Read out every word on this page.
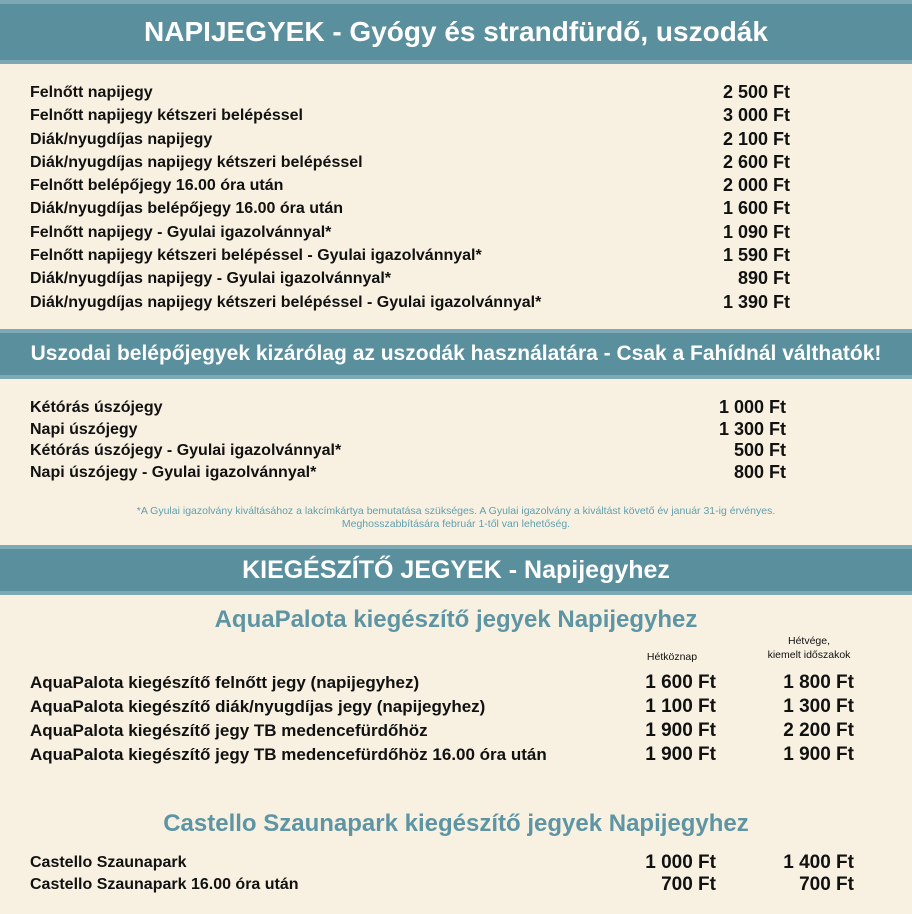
NAPIJEGYEK - Gyógy és strandfürdő, uszodák
Felnőtt napijegy	2 500 Ft
Felnőtt napijegy kétszeri belépéssel	3 000 Ft
Diák/nyugdíjas napijegy	2 100 Ft
Diák/nyugdíjas napijegy kétszeri belépéssel	2 600 Ft
Felnőtt belépőjegy 16.00 óra után	2 000 Ft
Diák/nyugdíjas belépőjegy 16.00 óra után	1 600 Ft
Felnőtt napijegy - Gyulai igazolvánnyal*	1 090 Ft
Felnőtt napijegy kétszeri belépéssel - Gyulai igazolvánnyal*	1 590 Ft
Diák/nyugdíjas napijegy - Gyulai igazolvánnyal*	890 Ft
Diák/nyugdíjas napijegy kétszeri belépéssel - Gyulai igazolvánnyal*	1 390 Ft
Uszodai belépőjegyek kizárólag az uszodák használatára - Csak a Fahídnál válthatók!
Kétórás úszójegy	1 000 Ft
Napi úszójegy	1 300 Ft
Kétórás úszójegy - Gyulai igazolvánnyal*	500 Ft
Napi úszójegy - Gyulai igazolvánnyal*	800 Ft
*A Gyulai igazolvány kiváltásához a lakcímkártya bemutatása szükséges. A Gyulai igazolvány a kiváltást követő év január 31-ig érvényes.
Meghosszabbítására február 1-től van lehetőség.
KIEGÉSZÍTŐ JEGYEK - Napijegyhez
AquaPalota kiegészítő jegyek Napijegyhez
Hétköznap
Hétvége,
kiemelt időszakok
AquaPalota kiegészítő felnőtt jegy (napijegyhez)	1 600 Ft	1 800 Ft
AquaPalota kiegészítő diák/nyugdíjas jegy (napijegyhez)	1 100 Ft	1 300 Ft
AquaPalota kiegészítő jegy TB medencefürdőhöz	1 900 Ft	2 200 Ft
AquaPalota kiegészítő jegy TB medencefürdőhöz 16.00 óra után	1 900 Ft	1 900 Ft
Castello Szaunapark kiegészítő jegyek Napijegyhez
Castello Szaunapark	1 000 Ft	1 400 Ft
Castello Szaunapark 16.00 óra után	700 Ft	700 Ft
